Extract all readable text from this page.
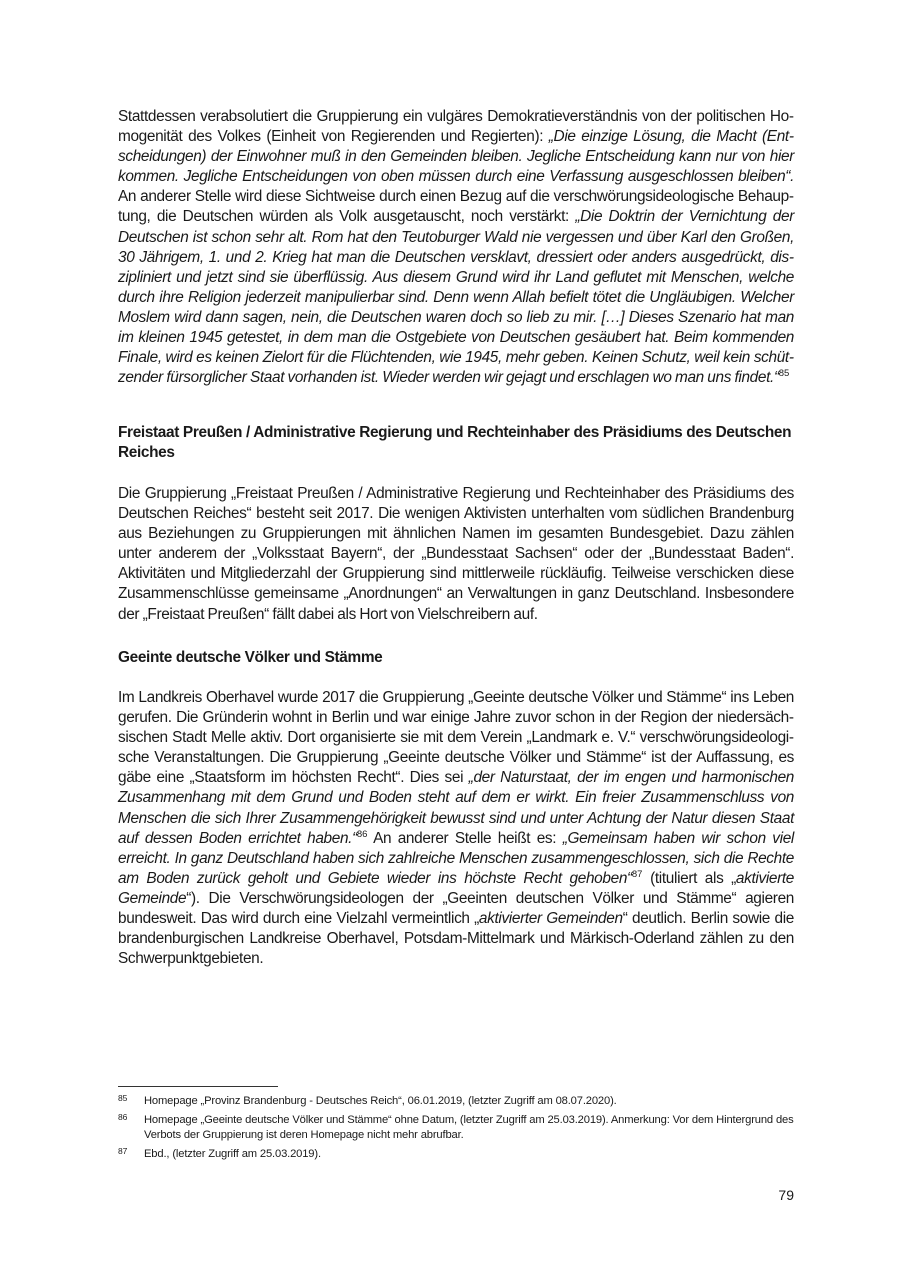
Stattdessen verabsolutiert die Gruppierung ein vulgäres Demokratieverständnis von der politischen Homogenität des Volkes (Einheit von Regierenden und Regierten): „Die einzige Lösung, die Macht (Entscheidungen) der Einwohner muß in den Gemeinden bleiben. Jegliche Entscheidung kann nur von hier kommen. Jegliche Entscheidungen von oben müssen durch eine Verfassung ausgeschlossen bleiben“. An anderer Stelle wird diese Sichtweise durch einen Bezug auf die verschwörungsideologische Behauptung, die Deutschen würden als Volk ausgetauscht, noch verstärkt: „Die Doktrin der Vernichtung der Deutschen ist schon sehr alt. Rom hat den Teutoburger Wald nie vergessen und über Karl den Großen, 30 Jährigem, 1. und 2. Krieg hat man die Deutschen versklavt, dressiert oder anders ausgedrückt, diszipliniert und jetzt sind sie überflüssig. Aus diesem Grund wird ihr Land geflutet mit Menschen, welche durch ihre Religion jederzeit manipulierbar sind. Denn wenn Allah befielt tötet die Ungläubigen. Welcher Moslem wird dann sagen, nein, die Deutschen waren doch so lieb zu mir. […] Dieses Szenario hat man im kleinen 1945 getestet, in dem man die Ostgebiete von Deutschen gesäubert hat. Beim kommenden Finale, wird es keinen Zielort für die Flüchtenden, wie 1945, mehr geben. Keinen Schutz, weil kein schützender fürsorglicher Staat vorhanden ist. Wieder werden wir gejagt und erschlagen wo man uns findet.“$^{85}$

Freistaat Preußen / Administrative Regierung und Rechteinhaber des Präsidiums des Deutschen Reiches

Die Gruppierung „Freistaat Preußen / Administrative Regierung und Rechteinhaber des Präsidiums des Deutschen Reiches“ besteht seit 2017. Die wenigen Aktivisten unterhalten vom südlichen Brandenburg aus Beziehungen zu Gruppierungen mit ähnlichen Namen im gesamten Bundesgebiet. Dazu zählen unter anderem der „Volksstaat Bayern“, der „Bundesstaat Sachsen“ oder der „Bundesstaat Baden“. Aktivitäten und Mitgliederzahl der Gruppierung sind mittlerweile rückläufig. Teilweise verschicken diese Zusammenschlüsse gemeinsame „Anordnungen“ an Verwaltungen in ganz Deutschland. Insbesondere der „Freistaat Preußen“ fällt dabei als Hort von Vielschreibern auf.

Geeinte deutsche Völker und Stämme

Im Landkreis Oberhavel wurde 2017 die Gruppierung „Geeinte deutsche Völker und Stämme“ ins Leben gerufen. Die Gründerin wohnt in Berlin und war einige Jahre zuvor schon in der Region der niedersächsischen Stadt Melle aktiv. Dort organisierte sie mit dem Verein „Landmark e. V.“ verschwörungsideologische Veranstaltungen. Die Gruppierung „Geeinte deutsche Völker und Stämme“ ist der Auffassung, es gäbe eine „Staatsform im höchsten Recht“. Dies sei „der Naturstaat, der im engen und harmonischen Zusammenhang mit dem Grund und Boden steht auf dem er wirkt. Ein freier Zusammenschluss von Menschen die sich Ihrer Zusammengehörigkeit bewusst sind und unter Achtung der Natur diesen Staat auf dessen Boden errichtet haben.“$^{86}$ An anderer Stelle heißt es: „Gemeinsam haben wir schon viel erreicht. In ganz Deutschland haben sich zahlreiche Menschen zusammengeschlossen, sich die Rechte am Boden zurück geholt und Gebiete wieder ins höchste Recht gehoben“$^{87}$ (tituliert als „aktivierte Gemeinde“). Die Verschwörungsideologen der „Geeinten deutschen Völker und Stämme“ agieren bundesweit. Das wird durch eine Vielzahl vermeintlich „aktivierter Gemeinden“ deutlich. Berlin sowie die brandenburgischen Landkreise Oberhavel, Potsdam-Mittelmark und Märkisch-Oderland zählen zu den Schwerpunktgebieten.

85 Homepage „Provinz Brandenburg - Deutsches Reich“, 06.01.2019, (letzter Zugriff am 08.07.2020).
86 Homepage „Geeinte deutsche Völker und Stämme“ ohne Datum, (letzter Zugriff am 25.03.2019). Anmerkung: Vor dem Hintergrund des Verbots der Gruppierung ist deren Homepage nicht mehr abrufbar.
87 Ebd., (letzter Zugriff am 25.03.2019).
79
